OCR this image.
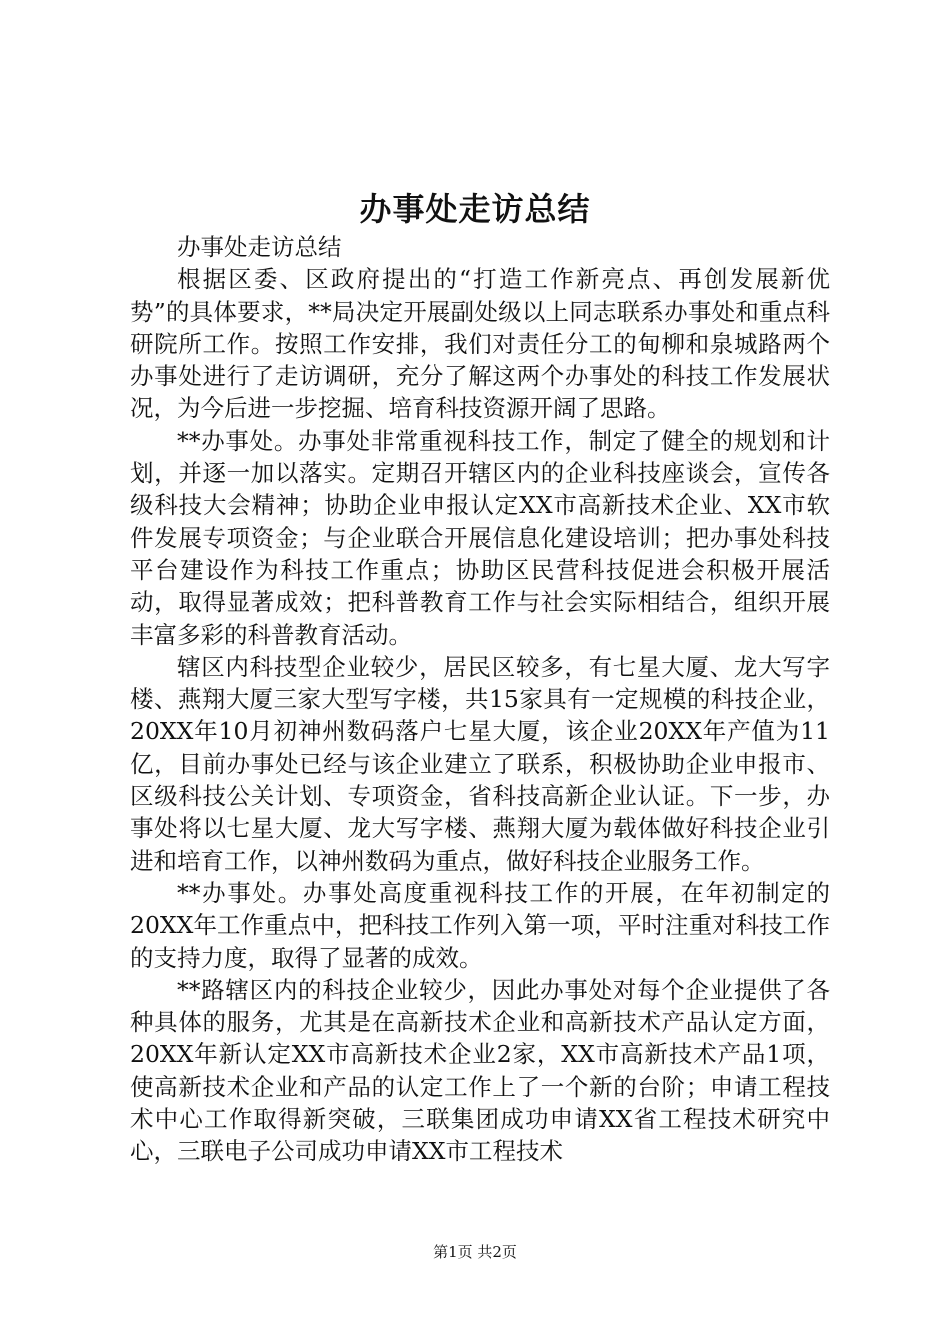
办事处走访总结

办事处走访总结

根据区委、区政府提出的“打造工作新亮点、再创发展新优势”的具体要求，**局决定开展副处级以上同志联系办事处和重点科研院所工作。按照工作安排，我们对责任分工的甸柳和泉城路两个办事处进行了走访调研，充分了解这两个办事处的科技工作发展状况，为今后进一步挖掘、培育科技资源开阔了思路。

**办事处。办事处非常重视科技工作，制定了健全的规划和计划，并逐一加以落实。定期召开辖区内的企业科技座谈会，宣传各级科技大会精神；协助企业申报认定XX市高新技术企业、XX市软件发展专项资金；与企业联合开展信息化建设培训；把办事处科技平台建设作为科技工作重点；协助区民营科技促进会积极开展活动，取得显著成效；把科普教育工作与社会实际相结合，组织开展丰富多彩的科普教育活动。

辖区内科技型企业较少，居民区较多，有七星大厦、龙大写字楼、燕翔大厦三家大型写字楼，共15家具有一定规模的科技企业，20XX年10月初神州数码落户七星大厦，该企业20XX年产值为11亿，目前办事处已经与该企业建立了联系，积极协助企业申报市、区级科技公关计划、专项资金，省科技高新企业认证。下一步，办事处将以七星大厦、龙大写字楼、燕翔大厦为载体做好科技企业引进和培育工作，以神州数码为重点，做好科技企业服务工作。

**办事处。办事处高度重视科技工作的开展，在年初制定的20XX年工作重点中，把科技工作列入第一项，平时注重对科技工作的支持力度，取得了显著的成效。

**路辖区内的科技企业较少，因此办事处对每个企业提供了各种具体的服务，尤其是在高新技术企业和高新技术产品认定方面，20XX年新认定XX市高新技术企业2家，XX市高新技术产品1项，使高新技术企业和产品的认定工作上了一个新的台阶；申请工程技术中心工作取得新突破，三联集团成功申请XX省工程技术研究中心，三联电子公司成功申请XX市工程技术

第1页 共2页
